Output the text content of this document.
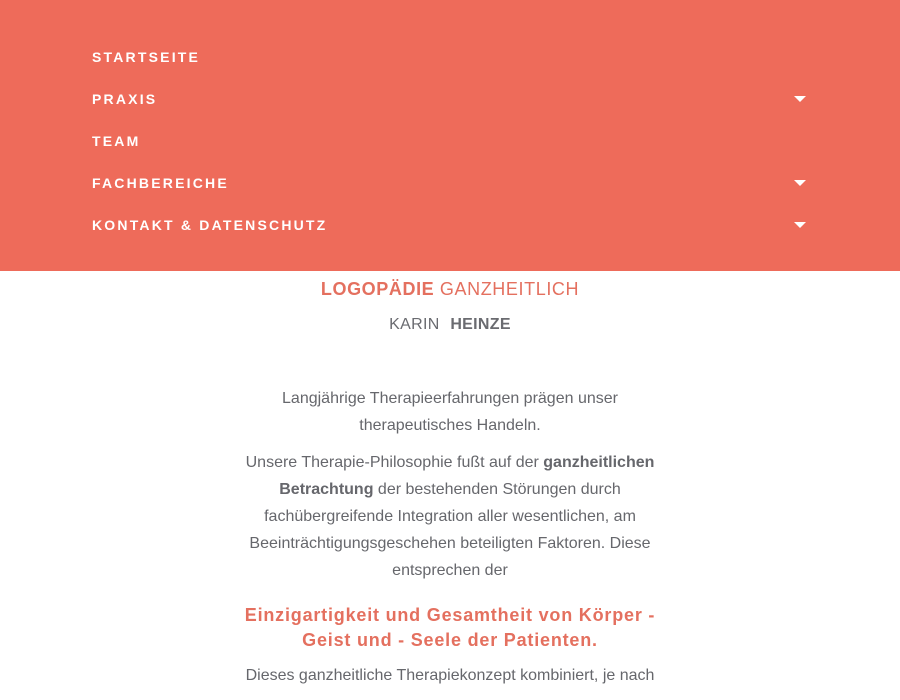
STARTSEITE
PRAXIS
TEAM
FACHBEREICHE
KONTAKT & DATENSCHUTZ
LOGOPÄDIE GANZHEITLICH
KARIN HEINZE
Langjährige Therapieerfahrungen prägen unser therapeutisches Handeln.
Unsere Therapie-Philosophie fußt auf der ganzheitlichen Betrachtung der bestehenden Störungen durch fachübergreifende Integration aller wesentlichen, am Beeinträchtigungsgeschehen beteiligten Faktoren. Diese entsprechen der
Einzigartigkeit und Gesamtheit von Körper - Geist und - Seele der Patienten.
Dieses ganzheitliche Therapiekonzept kombiniert, je nach
